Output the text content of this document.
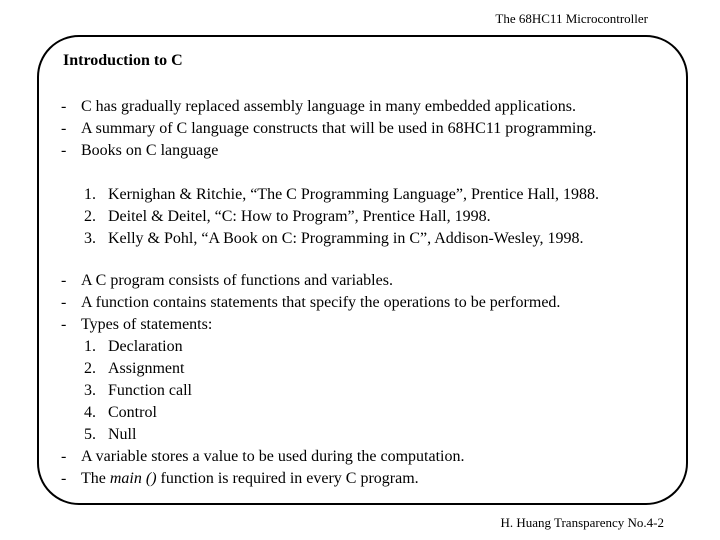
The 68HC11 Microcontroller
Introduction to C
- C has gradually replaced assembly language in many embedded applications.
- A summary of C language constructs that will be used in 68HC11 programming.
- Books on C language
1. Kernighan & Ritchie, “The C Programming Language”, Prentice Hall, 1988.
2. Deitel & Deitel, “C: How to Program”, Prentice Hall, 1998.
3. Kelly & Pohl, “A Book on C: Programming in C”, Addison-Wesley, 1998.
- A C program consists of functions and variables.
- A function contains statements that specify the operations to be performed.
- Types of statements:
1. Declaration
2. Assignment
3. Function call
4. Control
5. Null
- A variable stores a value to be used during the computation.
- The main () function is required in every C program.
H. Huang Transparency No.4-2
